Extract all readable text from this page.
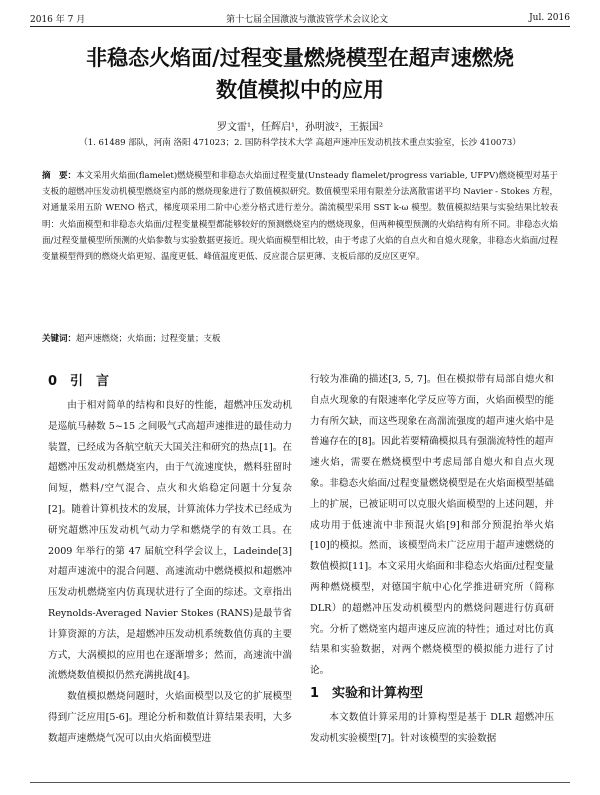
2016 年 7 月	第十七届全国激波与激波管学术会议论文	Jul. 2016
非稳态火焰面/过程变量燃烧模型在超声速燃烧
数值模拟中的应用
罗文雷¹，任辉启¹，孙明波²，王振国²
（1. 61489 部队，河南 洛阳 471023；2. 国防科学技术大学 高超声速冲压发动机技术重点实验室，长沙 410073）
摘　要：本文采用火焰面(flamelet)燃烧模型和非稳态火焰面过程变量(Unsteady flamelet/progress variable, UFPV)燃烧模型对基于支板的超燃冲压发动机模型燃烧室内部的燃烧现象进行了数值模拟研究。数值模型采用有限差分法离散雷诺平均 Navier - Stokes 方程，对通量采用五阶 WENO 格式，梯度项采用二阶中心差分格式进行差分。湍流模型采用 SST k-ω 模型。数值模拟结果与实验结果比较表明：火焰面模型和非稳态火焰面/过程变量模型都能够较好的预测燃烧室内的燃烧现象，但两种模型预测的火焰结构有所不同。非稳态火焰面/过程变量模型所预测的火焰参数与实验数据更接近。现火焰面模型相比较，由于考虑了火焰的自点火和自熄火现象，非稳态火焰面/过程变量模型得到的燃烧火焰更短、温度更低、峰值温度更低、反应混合层更薄、支板后部的反应区更窄。
关键词：超声速燃烧；火焰面；过程变量；支板
0　引　言

由于相对简单的结构和良好的性能，超燃冲压发动机是巡航马赫数 5~15 之间吸气式高超声速推进的最佳动力装置，已经成为各航空航天大国关注和研究的热点[1]。在超燃冲压发动机燃烧室内，由于气流速度快，燃料驻留时间短，燃料/空气混合、点火和火焰稳定问题十分复杂[2]。随着计算机技术的发展，计算流体力学技术已经成为研究超燃冲压发动机气动力学和燃烧学的有效工具。在 2009 年举行的第 47 届航空科学会议上，Ladeinde[3]对超声速流中的混合问题、高速流动中燃烧模拟和超燃冲压发动机燃烧室内仿真现状进行了全面的综述。文章指出 Reynolds-Averaged Navier Stokes (RANS)是最节省计算资源的方法，是超燃冲压发动机系统数值仿真的主要方式，大涡模拟的应用也在逐渐增多；然而，高速流中湍流燃烧数值模拟仍然充满挑战[4]。

数值模拟燃烧问题时，火焰面模型以及它的扩展模型得到广泛应用[5-6]。理论分析和数值计算结果表明，大多数超声速燃烧气况可以由火焰面模型进

行较为准确的描述[3, 5, 7]。但在模拟带有局部自熄火和自点火现象的有限速率化学反应等方面，火焰面模型的能力有所欠缺，而这些现象在高湍流强度的超声速火焰中是普遍存在的[8]。因此若要精确模拟具有强湍流特性的超声速火焰，需要在燃烧模型中考虑局部自熄火和自点火现象。非稳态火焰面/过程变量燃烧模型是在火焰面模型基础上的扩展，已被证明可以克服火焰面模型的上述问题，并成功用于低速流中非预混火焰[9]和部分预混抬举火焰[10]的模拟。然而，该模型尚未广泛应用于超声速燃烧的数值模拟[11]。本文采用火焰面和非稳态火焰面/过程变量两种燃烧模型，对德国宇航中心化学推进研究所（简称 DLR）的超燃冲压发动机模型内的燃烧问题进行仿真研究。分析了燃烧室内超声速反应流的特性；通过对比仿真结果和实验数据，对两个燃烧模型的模拟能力进行了讨论。

1　实验和计算构型

本文数值计算采用的计算构型是基于 DLR 超燃冲压发动机实验模型[7]。针对该模型的实验数据
